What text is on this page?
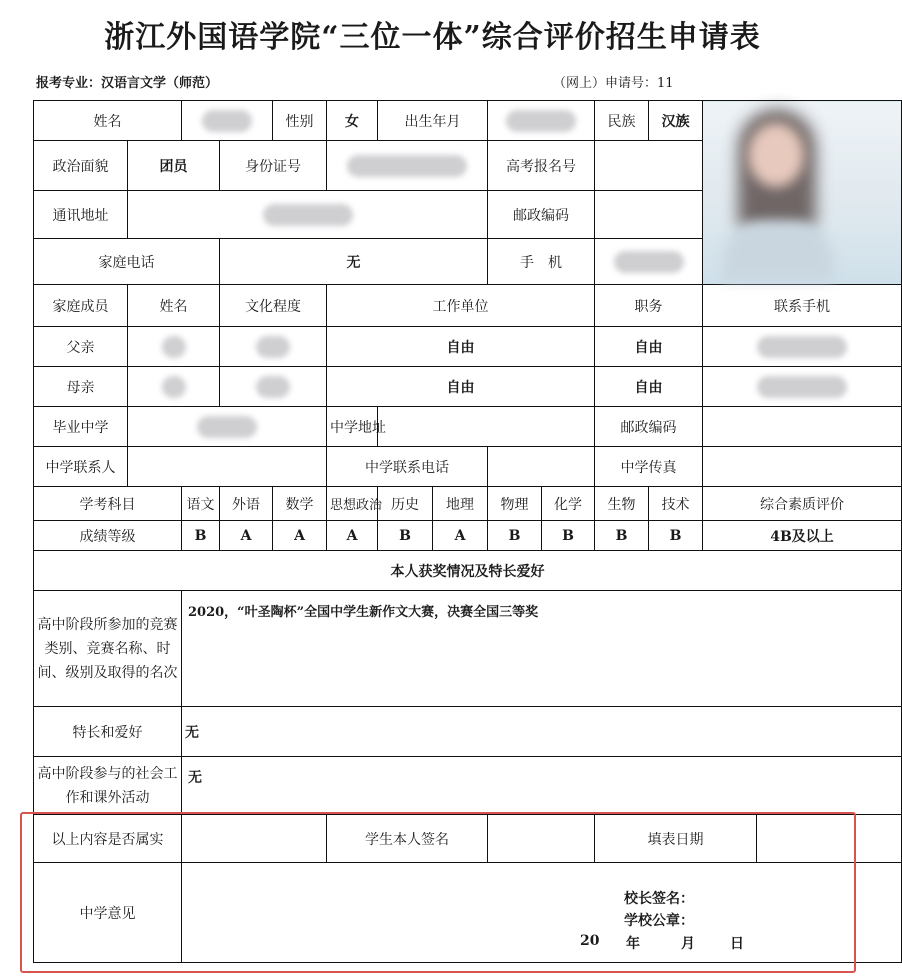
浙江外国语学院“三位一体”综合评价招生申请表
报考专业：汉语言文学（师范）	（网上）申请号：11
姓名				性别	女	出生年月				民族	汉族		

政治面貌	团员		身份证号					高考报名号					
通讯地址								邮政编码					
家庭电话			无					手　机					
家庭成员	姓名		文化程度		工作单位					职务		联系手机	
父亲					自由					自由			
母亲					自由					自由			
毕业中学					中学地址					邮政编码			
中学联系人					中学联系电话					中学传真			
学考科目		语文	外语	数学	思想政治	历史	地理	物理	化学	生物	技术	综合素质评价	
成绩等级		B	A	A	A	B	A	B	B	B	B	4B及以上	
本人获奖情况及特长爱好													
高中阶段所参加的竞赛类别、竞赛名称、时间、级别及取得的名次		2020，“叶圣陶杯”全国中学生新作文大赛，决赛全国三等奖											
特长和爱好		无											
高中阶段参与的社会工作和课外活动		无											
以上内容是否属实					学生本人签名					填表日期			
中学意见													
校长签名：
学校公章：
20 年	月	日
